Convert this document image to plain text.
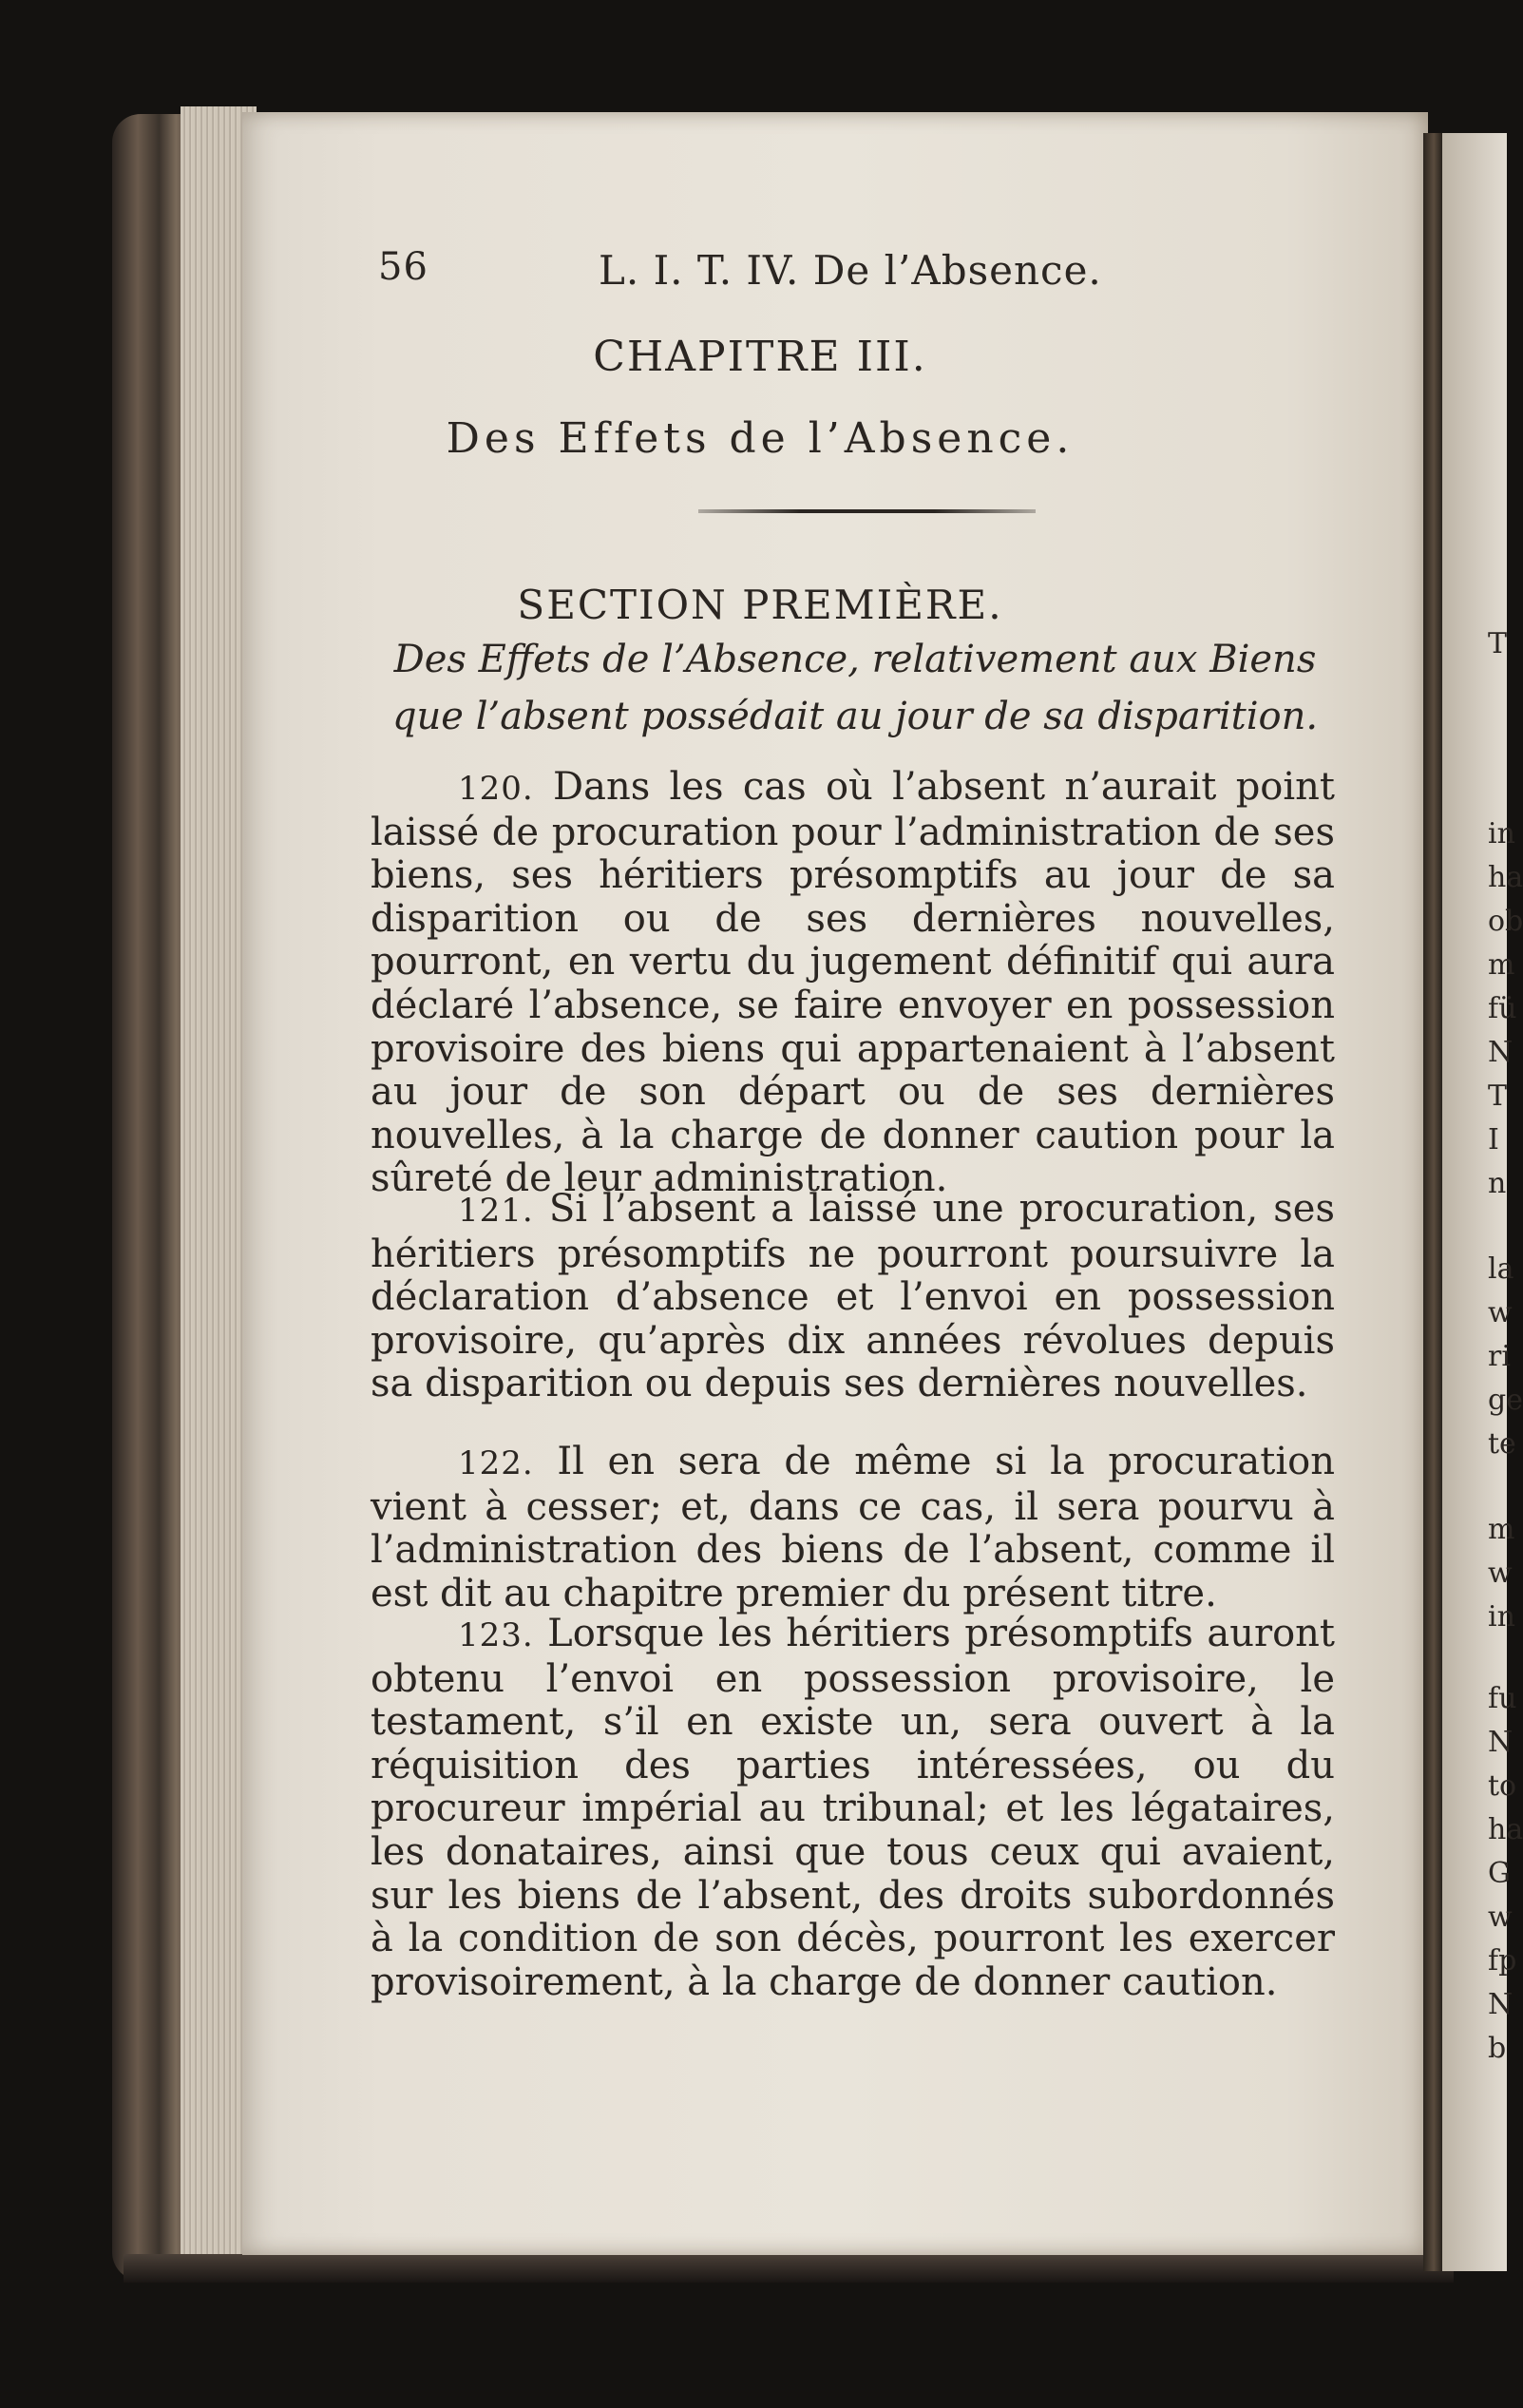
T
in
ha
ob
m
fü
N
T
I
n
la
w
ri
ge
te
m
w
in
fu
N
to
ha
G
w
fp
N
b
56	L. I. T. IV. De l’Absence.
CHAPITRE III.
Des Effets de l’Absence.
SECTION PREMIÈRE.
Des Effets de l’Absence, relativement aux Biens que l’absent possédait au jour de sa disparition.
120. Dans les cas où l’absent n’aurait point laissé de procuration pour l’administration de ses biens, ses héritiers présomptifs au jour de sa disparition ou de ses dernières nouvelles, pourront, en vertu du jugement définitif qui aura déclaré l’absence, se faire envoyer en possession provisoire des biens qui appartenaient à l’absent au jour de son départ ou de ses dernières nouvelles, à la charge de donner caution pour la sûreté de leur administration.
121. Si l’absent a laissé une procuration, ses héritiers présomptifs ne pourront poursuivre la déclaration d’absence et l’envoi en possession provisoire, qu’après dix années révolues depuis sa disparition ou depuis ses dernières nouvelles.
122. Il en sera de même si la procuration vient à cesser; et, dans ce cas, il sera pourvu à l’administration des biens de l’absent, comme il est dit au chapitre premier du présent titre.
123. Lorsque les héritiers présomptifs auront obtenu l’envoi en possession provisoire, le testament, s’il en existe un, sera ouvert à la réquisition des parties intéressées, ou du procureur impérial au tribunal; et les légataires, les donataires, ainsi que tous ceux qui avaient, sur les biens de l’absent, des droits subordonnés à la condition de son décès, pourront les exercer provisoirement, à la charge de donner caution.
